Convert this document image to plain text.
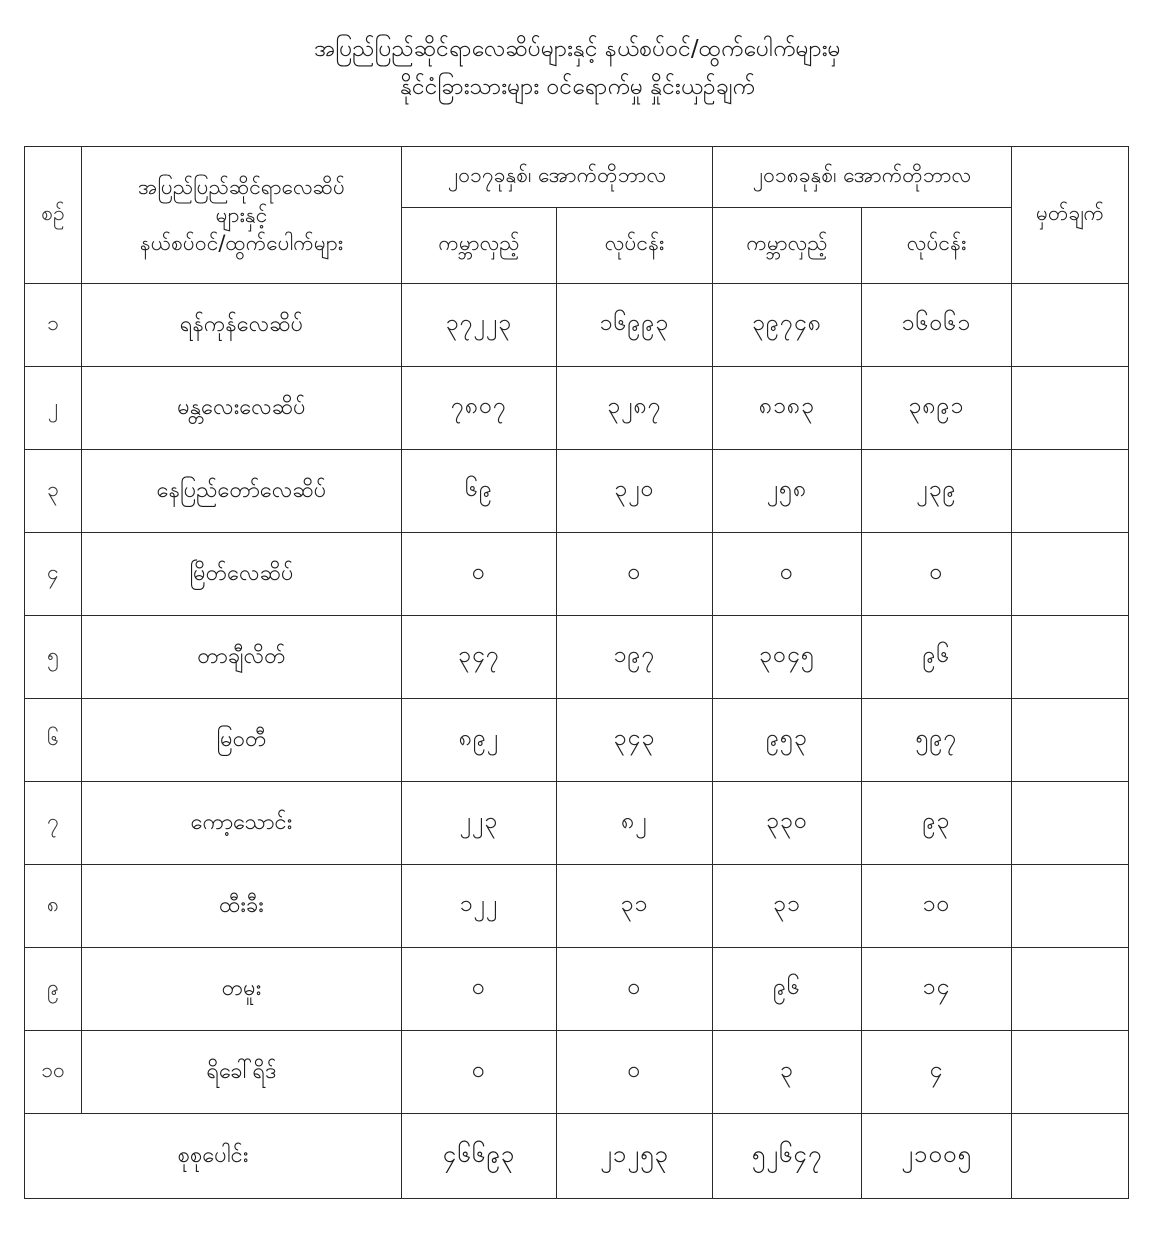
အပြည်ပြည်ဆိုင်ရာလေဆိပ်များနှင့် နယ်စပ်ဝင်/ထွက်ပေါက်များမှ
နိုင်ငံခြားသားများ ဝင်ရောက်မှု နှိုင်းယှဉ်ချက်
စဉ်	အပြည်ပြည်ဆိုင်ရာလေဆိပ်
များနှင့်
နယ်စပ်ဝင်/ထွက်ပေါက်များ	၂၀၁၇ခုနှစ်၊ အောက်တိုဘာလ		၂၀၁၈ခုနှစ်၊ အောက်တိုဘာလ		မှတ်ချက်
		ကမ္ဘာလှည့်	လုပ်ငန်း	ကမ္ဘာလှည့်	လုပ်ငန်း	
၁	ရန်ကုန်လေဆိပ်	၃၇၂၂၃	၁၆၉၉၃	၃၉၇၄၈	၁၆၀၆၁	
၂	မန္တလေးလေဆိပ်	၇၈၀၇	၃၂၈၇	၈၁၈၃	၃၈၉၁	
၃	နေပြည်တော်လေဆိပ်	၆၉	၃၂၀	၂၅၈	၂၃၉	
၄	မြိတ်လေဆိပ်	၀	၀	၀	၀	
၅	တာချီလိတ်	၃၄၇	၁၉၇	၃၀၄၅	၉၆	
၆	မြဝတီ	၈၉၂	၃၄၃	၉၅၃	၅၉၇	
၇	ကော့သောင်း	၂၂၃	၈၂	၃၃၀	၉၃	
၈	ထီးခီး	၁၂၂	၃၁	၃၁	၁၀	
၉	တမူး	၀	၀	၉၆	၁၄	
၁၀	ရိခေါ်ရိဒ်	၀	၀	၃	၄	
စုစုပေါင်း		၄၆၆၉၃	၂၁၂၅၃	၅၂၆၄၇	၂၁၀၀၅	
